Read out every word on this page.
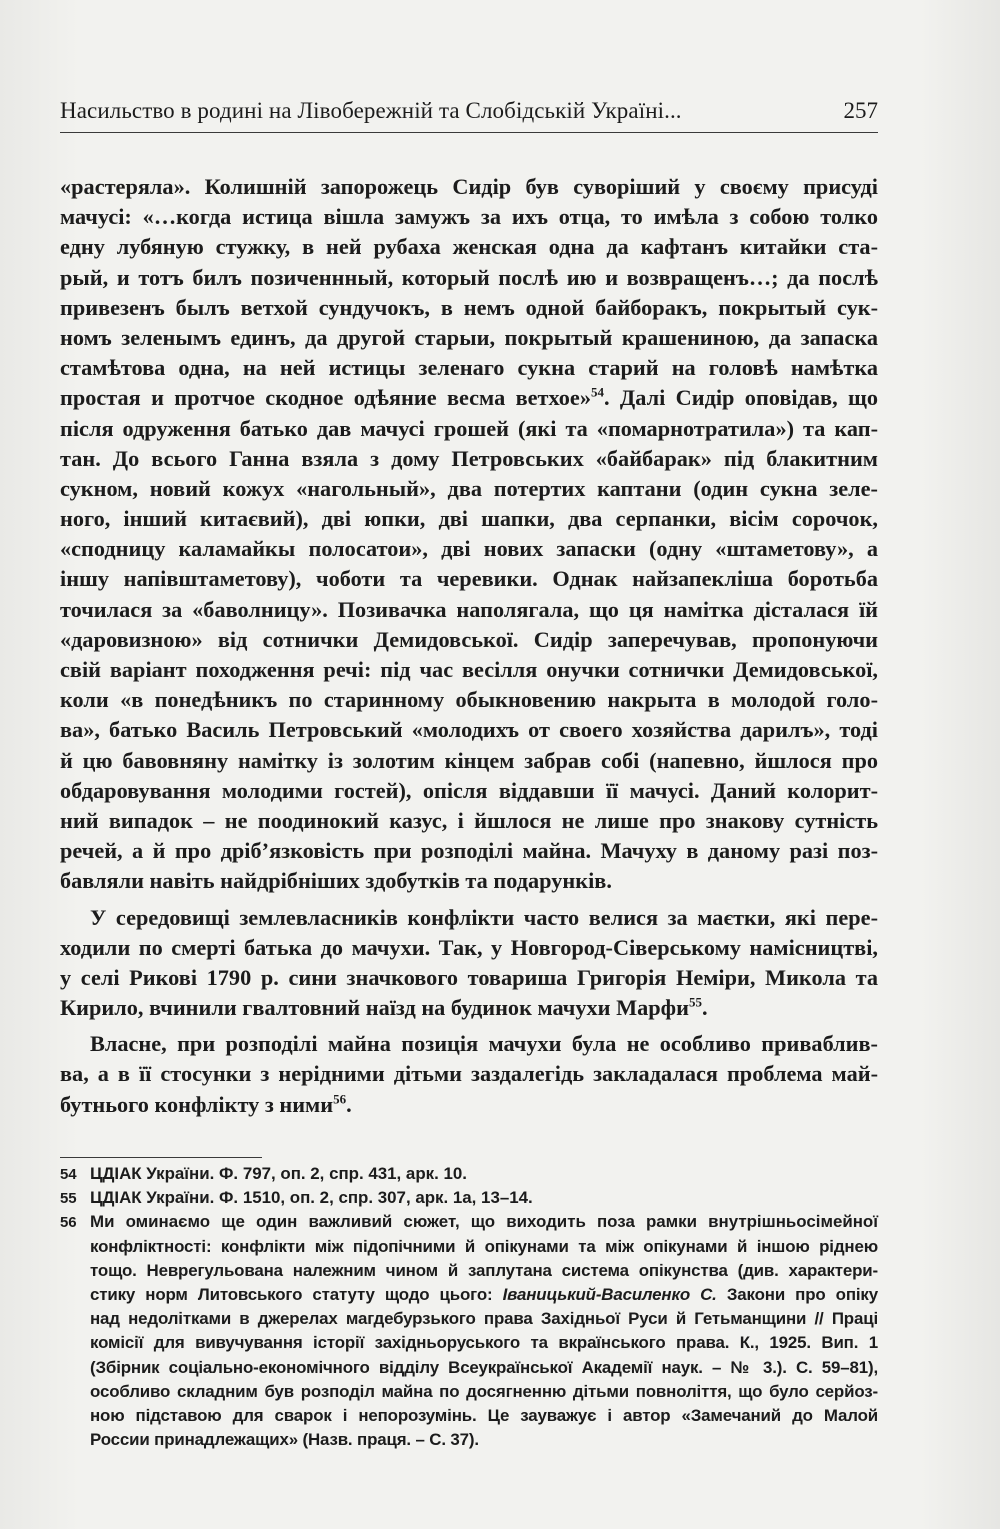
Насильство в родині на Лівобережній та Слобідській Україні...	257
«растеряла». Колишній запорожець Сидір був суворіший у своєму присуді
мачусі: «…когда истица вішла замужъ за ихъ отца, то имѣла з собою толко
едну лубяную стужку, в ней рубаха женская одна да кафтанъ китайки ста-
рый, и тотъ билъ позиченнный, который послѣ ию и возвращенъ…; да послѣ
привезенъ былъ ветхой сундучокъ, в немъ одной байборакъ, покрытый сук-
номъ зеленымъ единъ, да другой старыи, покрытый крашениною, да запаска
стамѣтова одна, на ней истицы зеленаго сукна старий на головѣ намѣтка
простая и протчое скодное одѣяние весма ветхое»$^{54}$. Далі Сидір оповідав, що
після одруження батько дав мачусі грошей (які та «помарнотратила») та кап-
тан. До всього Ганна взяла з дому Петровських «байбарак» під блакитним
сукном, новий кожух «нагольный», два потертих каптани (один сукна зеле-
ного, інший китаєвий), дві юпки, дві шапки, два серпанки, вісім сорочок,
«сподницу каламайкы полосатои», дві нових запаски (одну «штаметову», а
іншу напівштаметову), чоботи та черевики. Однак найзапекліша боротьба
точилася за «баволницу». Позивачка наполягала, що ця намітка дісталася їй
«даровизною» від сотнички Демидовської. Сидір заперечував, пропонуючи
свій варіант походження речі: під час весілля онучки сотнички Демидовської,
коли «в понедѣникъ по старинному обыкновению накрыта в молодой голо-
ва», батько Василь Петровський «молодихъ от своего хозяйства дарилъ», тоді
й цю бавовняну намітку із золотим кінцем забрав собі (напевно, йшлося про
обдаровування молодими гостей), опісля віддавши її мачусі. Даний колорит-
ний випадок – не поодинокий казус, і йшлося не лише про знакову сутність
речей, а й про дріб’язковість при розподілі майна. Мачуху в даному разі поз-
бавляли навіть найдрібніших здобутків та подарунків.
У середовищі землевласників конфлікти часто велися за маєтки, які пере-
ходили по смерті батька до мачухи. Так, у Новгород-Сіверському намісництві,
у селі Рикові 1790 р. сини значкового товариша Григорія Неміри, Микола та
Кирило, вчинили гвалтовний наїзд на будинок мачухи Марфи$^{55}$.
Власне, при розподілі майна позиція мачухи була не особливо приваблив-
ва, а в її стосунки з нерідними дітьми заздалегідь закладалася проблема май-
бутнього конфлікту з ними$^{56}$.
54 ЦДІАК України. Ф. 797, оп. 2, спр. 431, арк. 10.
55 ЦДІАК України. Ф. 1510, оп. 2, спр. 307, арк. 1а, 13–14.
56 Ми оминаємо ще один важливий сюжет, що виходить поза рамки внутрішньосімейної
конфліктності: конфлікти між підопічними й опікунами та між опікунами й іншою ріднею
тощо. Неврегульована належним чином й заплутана система опікунства (див. характери-
стику норм Литовського статуту щодо цього: Іваницький-Василенко С. Закони про опіку
над недолітками в джерелах магдебурзького права Західньої Руси й Гетьманщини // Праці
комісії для вивучування історії західньоруського та вкраїнського права. К., 1925. Вип. 1
(Збірник соціально-економічного відділу Всеукраїнської Академії наук. – № 3.). С. 59–81),
особливо складним був розподіл майна по досягненню дітьми повноліття, що було серйоз-
ною підставою для сварок і непорозумінь. Це зауважує і автор «Замечаний до Малой
России принадлежащих» (Назв. праця. – С. 37).
